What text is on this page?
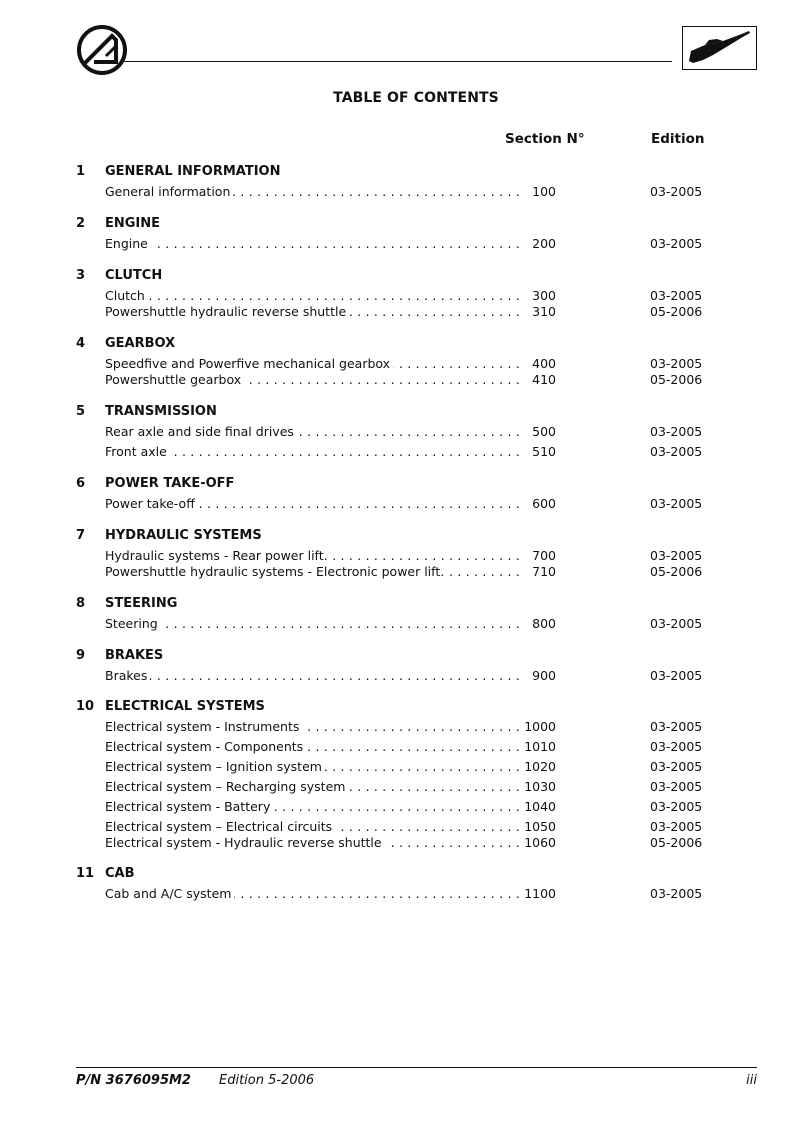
TABLE OF CONTENTS
Section N°	Edition
1 GENERAL INFORMATION
General information . . .	100	03-2005
2 ENGINE
Engine . . .	200	03-2005
3 CLUTCH
Clutch . . .	300	03-2005
Powershuttle hydraulic reverse shuttle . . .	310	05-2006
4 GEARBOX
Speedfive and Powerfive mechanical gearbox . . .	400	03-2005
Powershuttle gearbox . . .	410	05-2006
5 TRANSMISSION
Rear axle and side final drives . . .	500	03-2005
Front axle . . .	510	03-2005
6 POWER TAKE-OFF
Power take-off . . .	600	03-2005
7 HYDRAULIC SYSTEMS
Hydraulic systems - Rear power lift. . . .	700	03-2005
Powershuttle hydraulic systems - Electronic power lift. . . .	710	05-2006
8 STEERING
Steering . . .	800	03-2005
9 BRAKES
Brakes . . .	900	03-2005
10 ELECTRICAL SYSTEMS
Electrical system - Instruments . . .	1000	03-2005
Electrical system - Components . . .	1010	03-2005
Electrical system – Ignition system . . .	1020	03-2005
Electrical system – Recharging system . . .	1030	03-2005
Electrical system - Battery . . .	1040	03-2005
Electrical system – Electrical circuits . . .	1050	03-2005
Electrical system - Hydraulic reverse shuttle . . .	1060	05-2006
11 CAB
Cab and A/C system . . .	1100	03-2005
P/N 3676095M2 Edition 5-2006	iii
